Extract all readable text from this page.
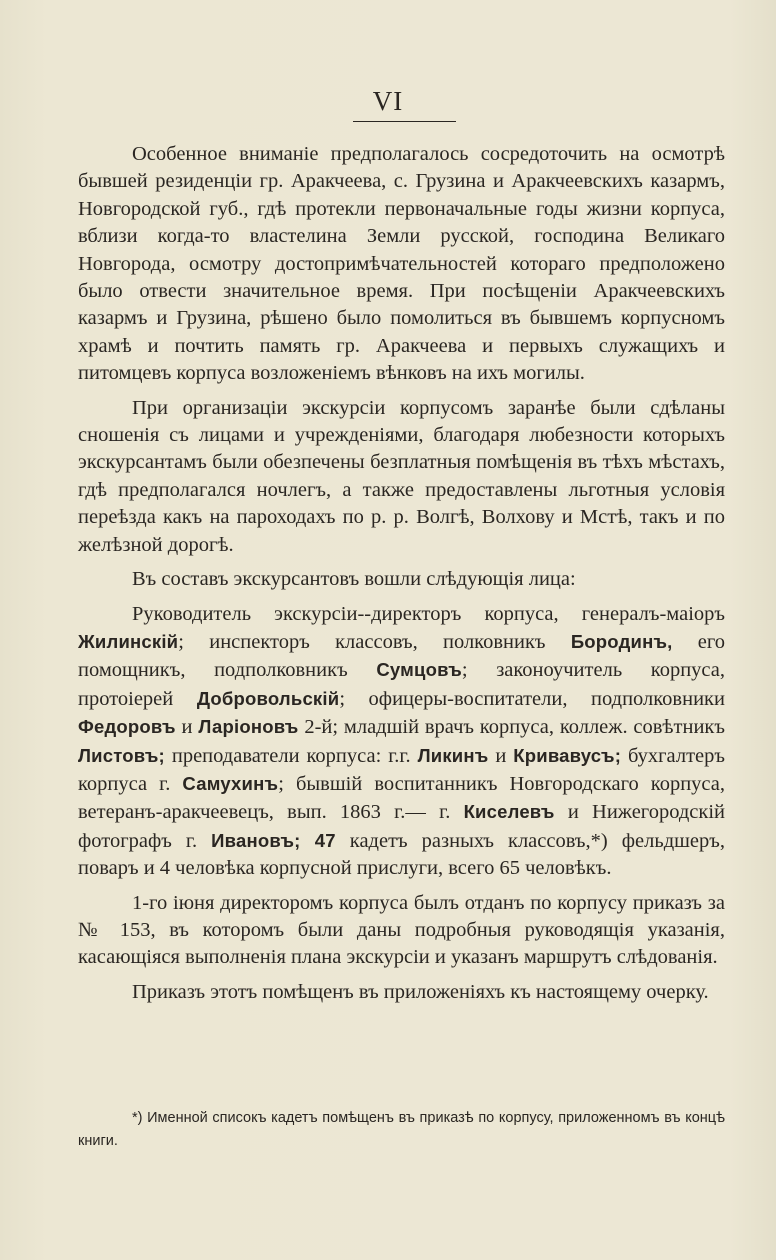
VI

Особенное вниманіе предполагалось сосредоточить на осмотрѣ бывшей резиденціи гр. Аракчеева, с. Грузина и Аракчеевскихъ казармъ, Новгородской губ., гдѣ протекли первоначальные годы жизни корпуса, вблизи когда-то властелина Земли русской, господина Великаго Новгорода, осмотру достопримѣчательностей котораго предположено было отвести значительное время. При посѣщеніи Аракчеевскихъ казармъ и Грузина, рѣшено было помолиться въ бывшемъ корпусномъ храмѣ и почтить память гр. Аракчеева и первыхъ служащихъ и питомцевъ корпуса возложеніемъ вѣнковъ на ихъ могилы.

При организаціи экскурсіи корпусомъ заранѣе были сдѣланы сношенія съ лицами и учрежденіями, благодаря любезности которыхъ экскурсантамъ были обезпечены безплатныя помѣщенія въ тѣхъ мѣстахъ, гдѣ предполагался ночлегъ, а также предоставлены льготныя условія переѣзда какъ на пароходахъ по р. р. Волгѣ, Волхову и Мстѣ, такъ и по желѣзной дорогѣ.

Въ составъ экскурсантовъ вошли слѣдующія лица:

Руководитель экскурсіи--директоръ корпуса, генералъ-маіоръ Жилинскій; инспекторъ классовъ, полковникъ Бородинъ, его помощникъ, подполковникъ Сумцовъ; законоучитель корпуса, протоіерей Добровольскій; офицеры-воспитатели, подполковники Федоровъ и Ларіоновъ 2-й; младшій врачъ корпуса, коллеж. совѣтникъ Листовъ; преподаватели корпуса: г.г. Ликинъ и Кривавусъ; бухгалтеръ корпуса г. Самухинъ; бывшій воспитанникъ Новгородскаго корпуса, ветеранъ-аракчеевецъ, вып. 1863 г.— г. Киселевъ и Нижегородскій фотографъ г. Ивановъ; 47 кадетъ разныхъ классовъ,*) фельдшеръ, поваръ и 4 человѣка корпусной прислуги, всего 65 человѣкъ.

1-го іюня директоромъ корпуса былъ отданъ по корпусу приказъ за № 153, въ которомъ были даны подробныя руководящія указанія, касающіяся выполненія плана экскурсіи и указанъ маршрутъ слѣдованія.

Приказъ этотъ помѣщенъ въ приложеніяхъ къ настоящему очерку.

*) Именной списокъ кадетъ помѣщенъ въ приказѣ по корпусу, приложенномъ въ концѣ книги.
